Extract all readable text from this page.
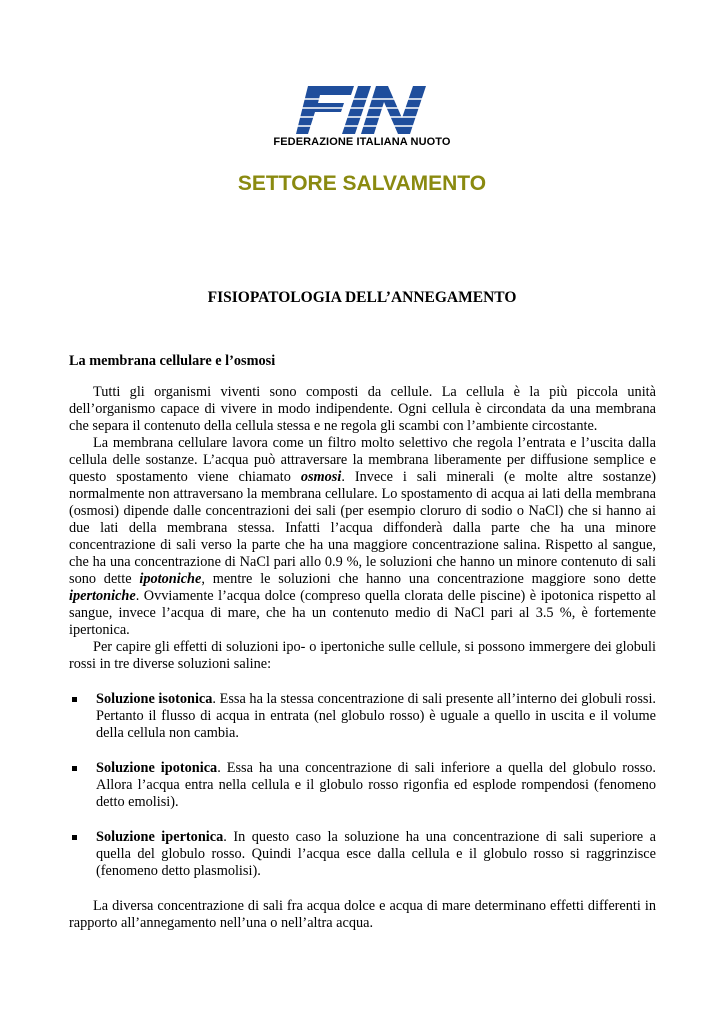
FEDERAZIONE ITALIANA NUOTO
SETTORE SALVAMENTO
FISIOPATOLOGIA DELL’ANNEGAMENTO
La membrana cellulare e l’osmosi

Tutti gli organismi viventi sono composti da cellule. La cellula è la più piccola unità dell’organismo capace di vivere in modo indipendente. Ogni cellula è circondata da una membrana che separa il contenuto della cellula stessa e ne regola gli scambi con l’ambiente circostante.

La membrana cellulare lavora come un filtro molto selettivo che regola l’entrata e l’uscita dalla cellula delle sostanze. L’acqua può attraversare la membrana liberamente per diffusione semplice e questo spostamento viene chiamato osmosi. Invece i sali minerali (e molte altre sostanze) normalmente non attraversano la membrana cellulare. Lo spostamento di acqua ai lati della membrana (osmosi) dipende dalle concentrazioni dei sali (per esempio cloruro di sodio o NaCl) che si hanno ai due lati della membrana stessa. Infatti l’acqua diffonderà dalla parte che ha una minore concentrazione di sali verso la parte che ha una maggiore concentrazione salina. Rispetto al sangue, che ha una concentrazione di NaCl pari allo 0.9 %, le soluzioni che hanno un minore contenuto di sali sono dette ipotoniche, mentre le soluzioni che hanno una concentrazione maggiore sono dette ipertoniche. Ovviamente l’acqua dolce (compreso quella clorata delle piscine) è ipotonica rispetto al sangue, invece l’acqua di mare, che ha un contenuto medio di NaCl pari al 3.5 %, è fortemente ipertonica.

Per capire gli effetti di soluzioni ipo- o ipertoniche sulle cellule, si possono immergere dei globuli rossi in tre diverse soluzioni saline:

Soluzione isotonica. Essa ha la stessa concentrazione di sali presente all’interno dei globuli rossi. Pertanto il flusso di acqua in entrata (nel globulo rosso) è uguale a quello in uscita e il volume della cellula non cambia.
Soluzione ipotonica. Essa ha una concentrazione di sali inferiore a quella del globulo rosso. Allora l’acqua entra nella cellula e il globulo rosso rigonfia ed esplode rompendosi (fenomeno detto emolisi).
Soluzione ipertonica. In questo caso la soluzione ha una concentrazione di sali superiore a quella del globulo rosso. Quindi l’acqua esce dalla cellula e il globulo rosso si raggrinzisce (fenomeno detto plasmolisi).

La diversa concentrazione di sali fra acqua dolce e acqua di mare determinano effetti differenti in rapporto all’annegamento nell’una o nell’altra acqua.
